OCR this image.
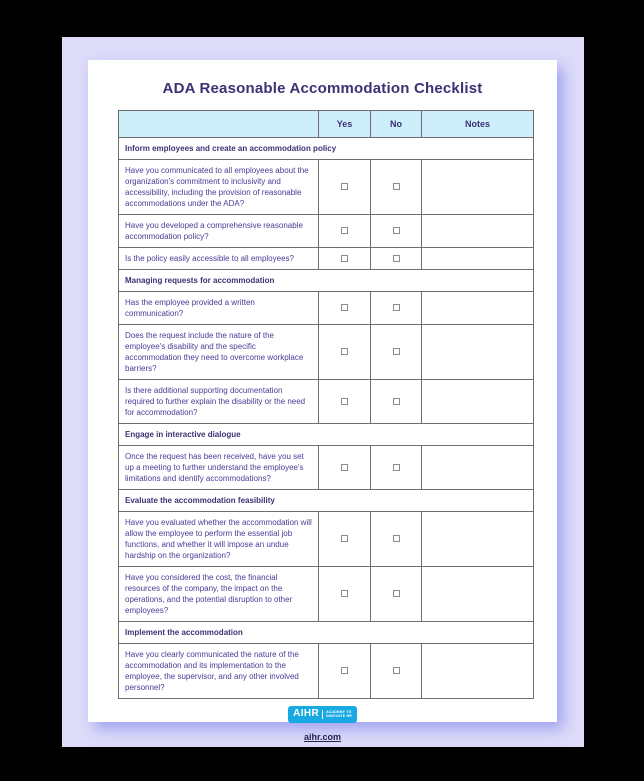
ADA Reasonable Accommodation Checklist
	Yes	No	Notes
Inform employees and create an accommodation policy			
Have you communicated to all employees about the organization's commitment to inclusivity and accessibility, including the provision of reasonable accommodations under the ADA?			
Have you developed a comprehensive reasonable accommodation policy?			
Is the policy easily accessible to all employees?			
Managing requests for accommodation			
Has the employee provided a written communication?			
Does the request include the nature of the employee's disability and the specific accommodation they need to overcome workplace barriers?			
Is there additional supporting documentation required to further explain the disability or the need for accommodation?			
Engage in interactive dialogue			
Once the request has been received, have you set up a meeting to further understand the employee's limitations and identify accommodations?			
Evaluate the accommodation feasibility			
Have you evaluated whether the accommodation will allow the employee to perform the essential job functions, and whether it will impose an undue hardship on the organization?			
Have you considered the cost, the financial resources of the company, the impact on the operations, and the potential disruption to other employees?			
Implement the accommodation			
Have you clearly communicated the nature of the accommodation and its implementation to the employee, the supervisor, and any other involved personnel?			
AIHR ACADEMY TO
INNOVATE HR
aihr.com
